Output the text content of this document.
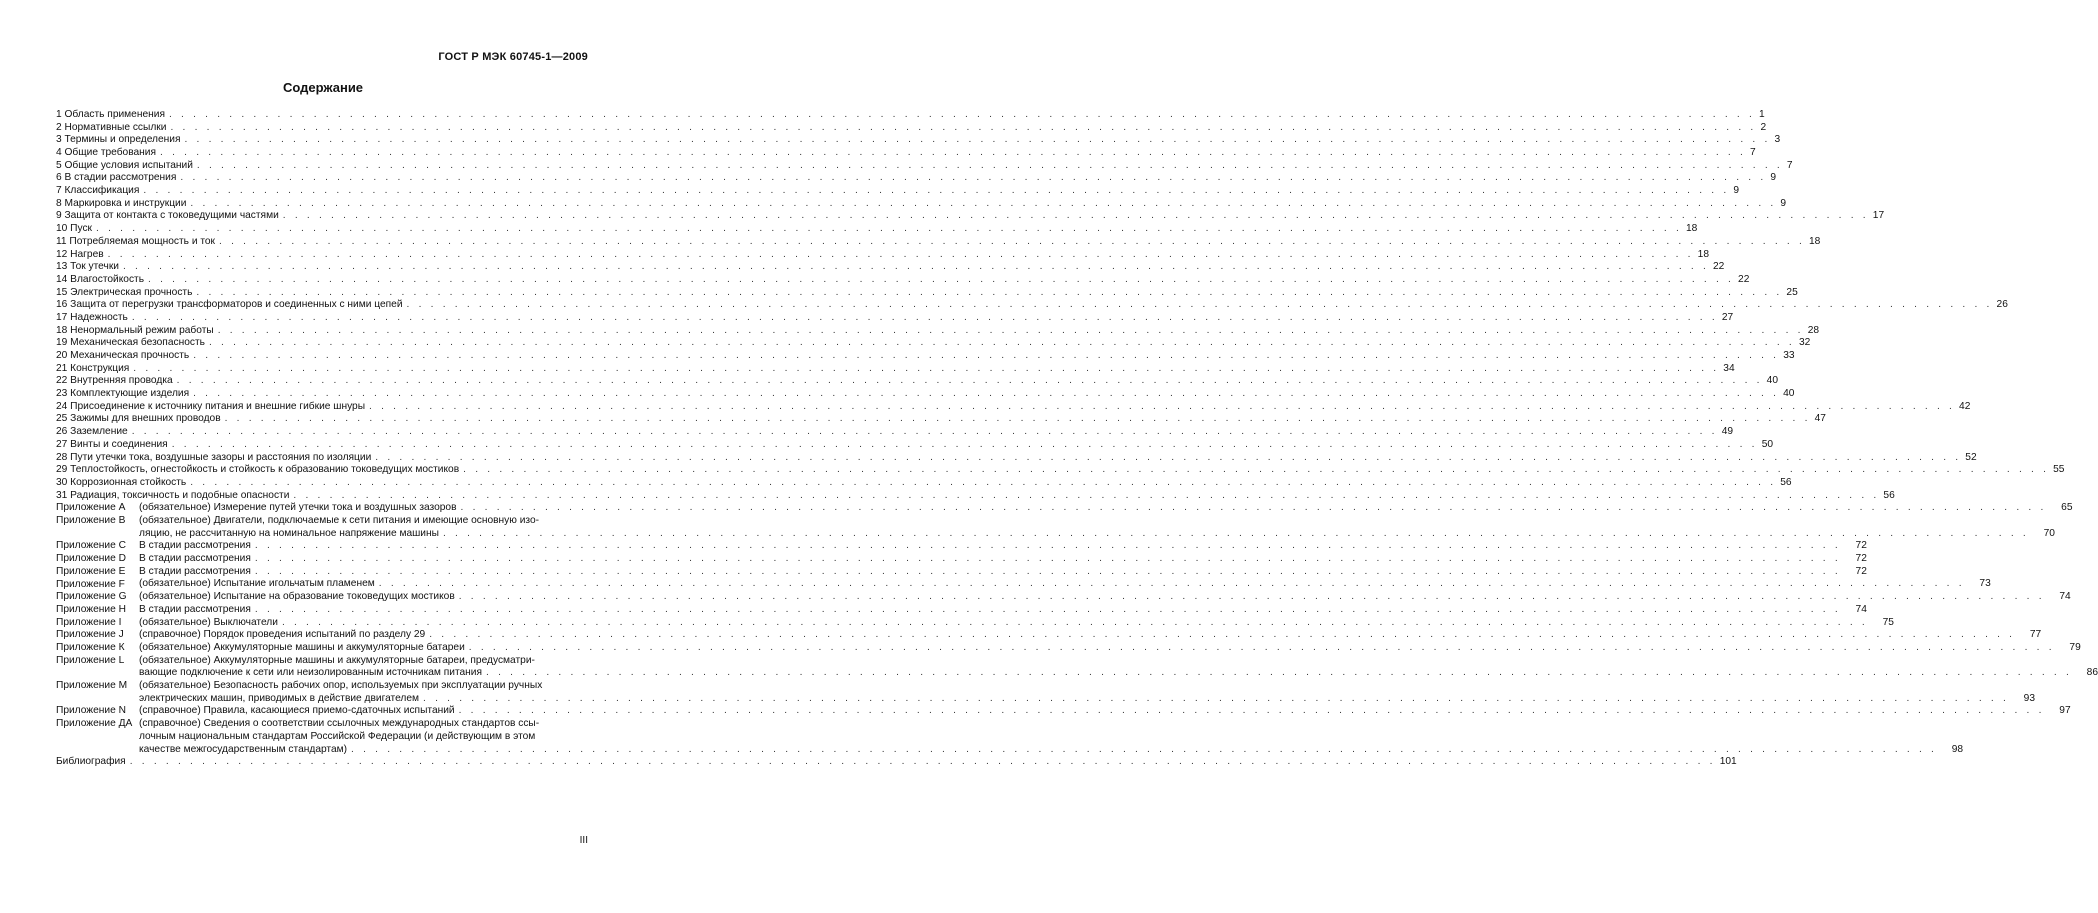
ГОСТ Р МЭК 60745-1—2009
Содержание
1 Область применения . . .	1
2 Нормативные ссылки . . .	2
3 Термины и определения . . .	3
4 Общие требования . . .	7
5 Общие условия испытаний . . .	7
6 В стадии рассмотрения . . .	9
7 Классификация . . .	9
8 Маркировка и инструкции . . .	9
9 Защита от контакта с токоведущими частями . . .	17
10 Пуск . . .	18
11 Потребляемая мощность и ток . . .	18
12 Нагрев . . .	18
13 Ток утечки . . .	22
14 Влагостойкость . . .	22
15 Электрическая прочность . . .	25
16 Защита от перегрузки трансформаторов и соединенных с ними цепей . . .	26
17 Надежность . . .	27
18 Ненормальный режим работы . . .	28
19 Механическая безопасность . . .	32
20 Механическая прочность . . .	33
21 Конструкция . . .	34
22 Внутренняя проводка . . .	40
23 Комплектующие изделия . . .	40
24 Присоединение к источнику питания и внешние гибкие шнуры . . .	42
25 Зажимы для внешних проводов . . .	47
26 Заземление . . .	49
27 Винты и соединения . . .	50
28 Пути утечки тока, воздушные зазоры и расстояния по изоляции . . .	52
29 Теплостойкость, огнестойкость и стойкость к образованию токоведущих мостиков . . .	55
30 Коррозионная стойкость . . .	56
31 Радиация, токсичность и подобные опасности . . .	56
Приложение А	(обязательное) Измерение путей утечки тока и воздушных зазоров . . .	65
Приложение В	(обязательное) Двигатели, подключаемые к сети питания и имеющие основную изо-
ляцию, не рассчитанную на номинальное напряжение машины . . .	70
Приложение С	В стадии рассмотрения . . .	72
Приложение D	В стадии рассмотрения . . .	72
Приложение Е	В стадии рассмотрения . . .	72
Приложение F	(обязательное) Испытание игольчатым пламенем . . .	73
Приложение G	(обязательное) Испытание на образование токоведущих мостиков . . .	74
Приложение Н	В стадии рассмотрения . . .	74
Приложение I	(обязательное) Выключатели . . .	75
Приложение J	(справочное) Порядок проведения испытаний по разделу 29 . . .	77
Приложение К	(обязательное) Аккумуляторные машины и аккумуляторные батареи . . .	79
Приложение L	(обязательное) Аккумуляторные машины и аккумуляторные батареи, предусматри-
вающие подключение к сети или неизолированным источникам питания . . .	86
Приложение М	(обязательное) Безопасность рабочих опор, используемых при эксплуатации ручных
электрических машин, приводимых в действие двигателем . . .	93
Приложение N	(справочное) Правила, касающиеся приемо-сдаточных испытаний . . .	97
Приложение ДА (справочное) Сведения о соответствии ссылочных международных стандартов ссы-
лочным национальным стандартам Российской Федерации (и действующим в этом
качестве межгосударственным стандартам) . . .	98
Библиография . . .	101
III
